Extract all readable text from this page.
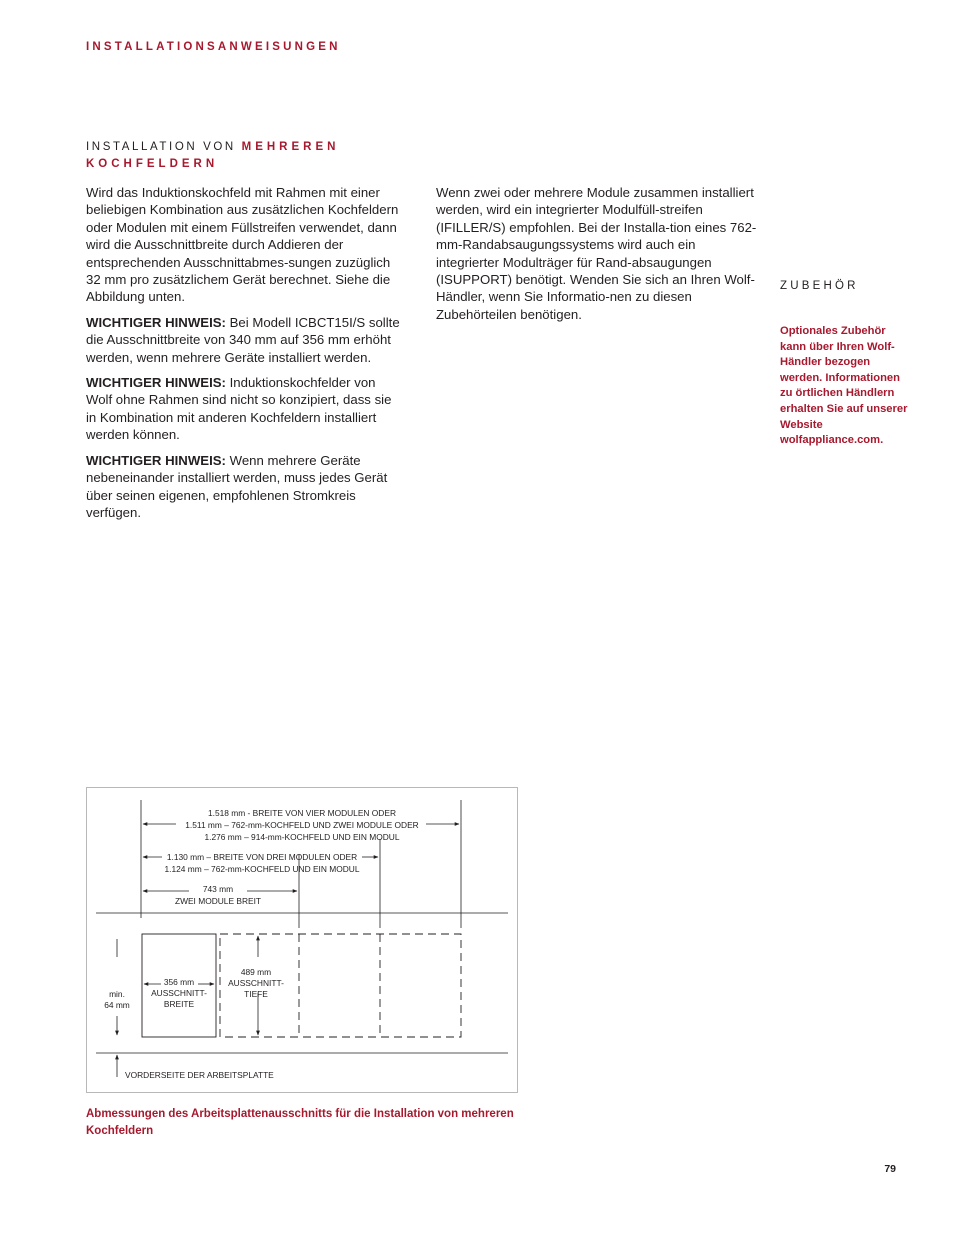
INSTALLATIONSANWEISUNGEN
INSTALLATION VON MEHREREN KOCHFELDERN

Wird das Induktionskochfeld mit Rahmen mit einer beliebigen Kombination aus zusätzlichen Kochfeldern oder Modulen mit einem Füllstreifen verwendet, dann wird die Ausschnittbreite durch Addieren der entsprechenden Ausschnittabmes-sungen zuzüglich 32 mm pro zusätzlichem Gerät berechnet. Siehe die Abbildung unten.

WICHTIGER HINWEIS: Bei Modell ICBCT15I/S sollte die Ausschnittbreite von 340 mm auf 356 mm erhöht werden, wenn mehrere Geräte installiert werden.

WICHTIGER HINWEIS: Induktionskochfelder von Wolf ohne Rahmen sind nicht so konzipiert, dass sie in Kombination mit anderen Kochfeldern installiert werden können.

WICHTIGER HINWEIS: Wenn mehrere Geräte nebeneinander installiert werden, muss jedes Gerät über seinen eigenen, empfohlenen Stromkreis verfügen.

Wenn zwei oder mehrere Module zusammen installiert werden, wird ein integrierter Modulfüll-streifen (IFILLER/S) empfohlen. Bei der Installa-tion eines 762-mm-Randabsaugungssystems wird auch ein integrierter Modulträger für Rand-absaugungen (ISUPPORT) benötigt. Wenden Sie sich an Ihren Wolf-Händler, wenn Sie Informatio-nen zu diesen Zubehörteilen benötigen.

ZUBEHÖR
Optionales Zubehör kann über Ihren Wolf-Händler bezogen werden. Informationen zu örtlichen Händlern erhalten Sie auf unserer Website wolfappliance.com.
1.518 mm - BREITE VON VIER MODULEN ODER
1.511 mm – 762-mm-KOCHFELD UND ZWEI MODULE ODER
1.276 mm – 914-mm-KOCHFELD UND EIN MODUL
1.130 mm – BREITE VON DREI MODULEN ODER
1.124 mm – 762-mm-KOCHFELD UND EIN MODUL
743 mm
ZWEI MODULE BREIT
356 mm
AUSSCHNITT-
BREITE
489 mm
AUSSCHNITT-
TIEFE
min.
64 mm
VORDERSEITE DER ARBEITSPLATTE
Abmessungen des Arbeitsplattenausschnitts für die Installation von mehreren Kochfeldern
79
